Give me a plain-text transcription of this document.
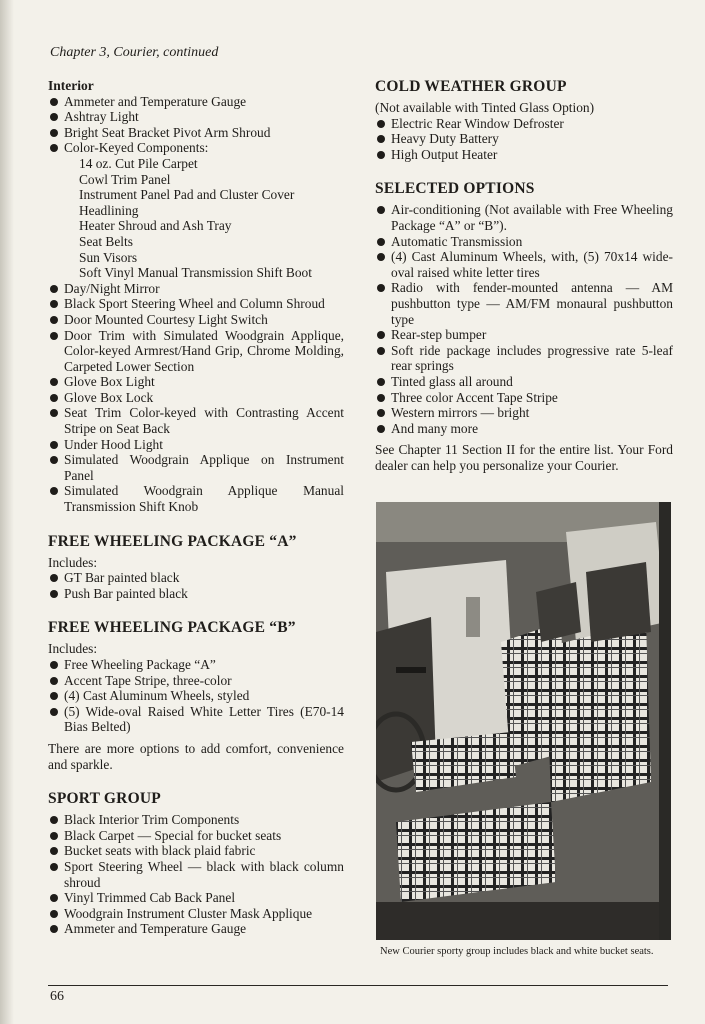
Chapter 3, Courier, continued
Interior
Ammeter and Temperature Gauge
Ashtray Light
Bright Seat Bracket Pivot Arm Shroud
Color-Keyed Components:
14 oz. Cut Pile Carpet
Cowl Trim Panel
Instrument Panel Pad and Cluster Cover
Headlining
Heater Shroud and Ash Tray
Seat Belts
Sun Visors
Soft Vinyl Manual Transmission Shift Boot
Day/Night Mirror
Black Sport Steering Wheel and Column Shroud
Door Mounted Courtesy Light Switch
Door Trim with Simulated Woodgrain Applique, Color-keyed Armrest/Hand Grip, Chrome Molding, Carpeted Lower Section
Glove Box Light
Glove Box Lock
Seat Trim Color-keyed with Contrasting Accent Stripe on Seat Back
Under Hood Light
Simulated Woodgrain Applique on Instrument Panel
Simulated Woodgrain Applique Manual Transmission Shift Knob
FREE WHEELING PACKAGE “A”

Includes:

GT Bar painted black
Push Bar painted black
FREE WHEELING PACKAGE “B”

Includes:

Free Wheeling Package “A”
Accent Tape Stripe, three-color
(4) Cast Aluminum Wheels, styled
(5) Wide-oval Raised White Letter Tires (E70-14 Bias Belted)

There are more options to add comfort, convenience and sparkle.

SPORT GROUP
Black Interior Trim Components
Black Carpet — Special for bucket seats
Bucket seats with black plaid fabric
Sport Steering Wheel — black with black column shroud
Vinyl Trimmed Cab Back Panel
Woodgrain Instrument Cluster Mask Applique
Ammeter and Temperature Gauge
COLD WEATHER GROUP

(Not available with Tinted Glass Option)

Electric Rear Window Defroster
Heavy Duty Battery
High Output Heater
SELECTED OPTIONS
Air-conditioning (Not available with Free Wheeling Package “A” or “B”).
Automatic Transmission
(4) Cast Aluminum Wheels, with, (5) 70x14 wide-oval raised white letter tires
Radio with fender-mounted antenna — AM pushbutton type — AM/FM monaural pushbutton type
Rear-step bumper
Soft ride package includes progressive rate 5-leaf rear springs
Tinted glass all around
Three color Accent Tape Stripe
Western mirrors — bright
And many more

See Chapter 11 Section II for the entire list. Your Ford dealer can help you personalize your Courier.

New Courier sporty group includes black and white bucket seats.
66
